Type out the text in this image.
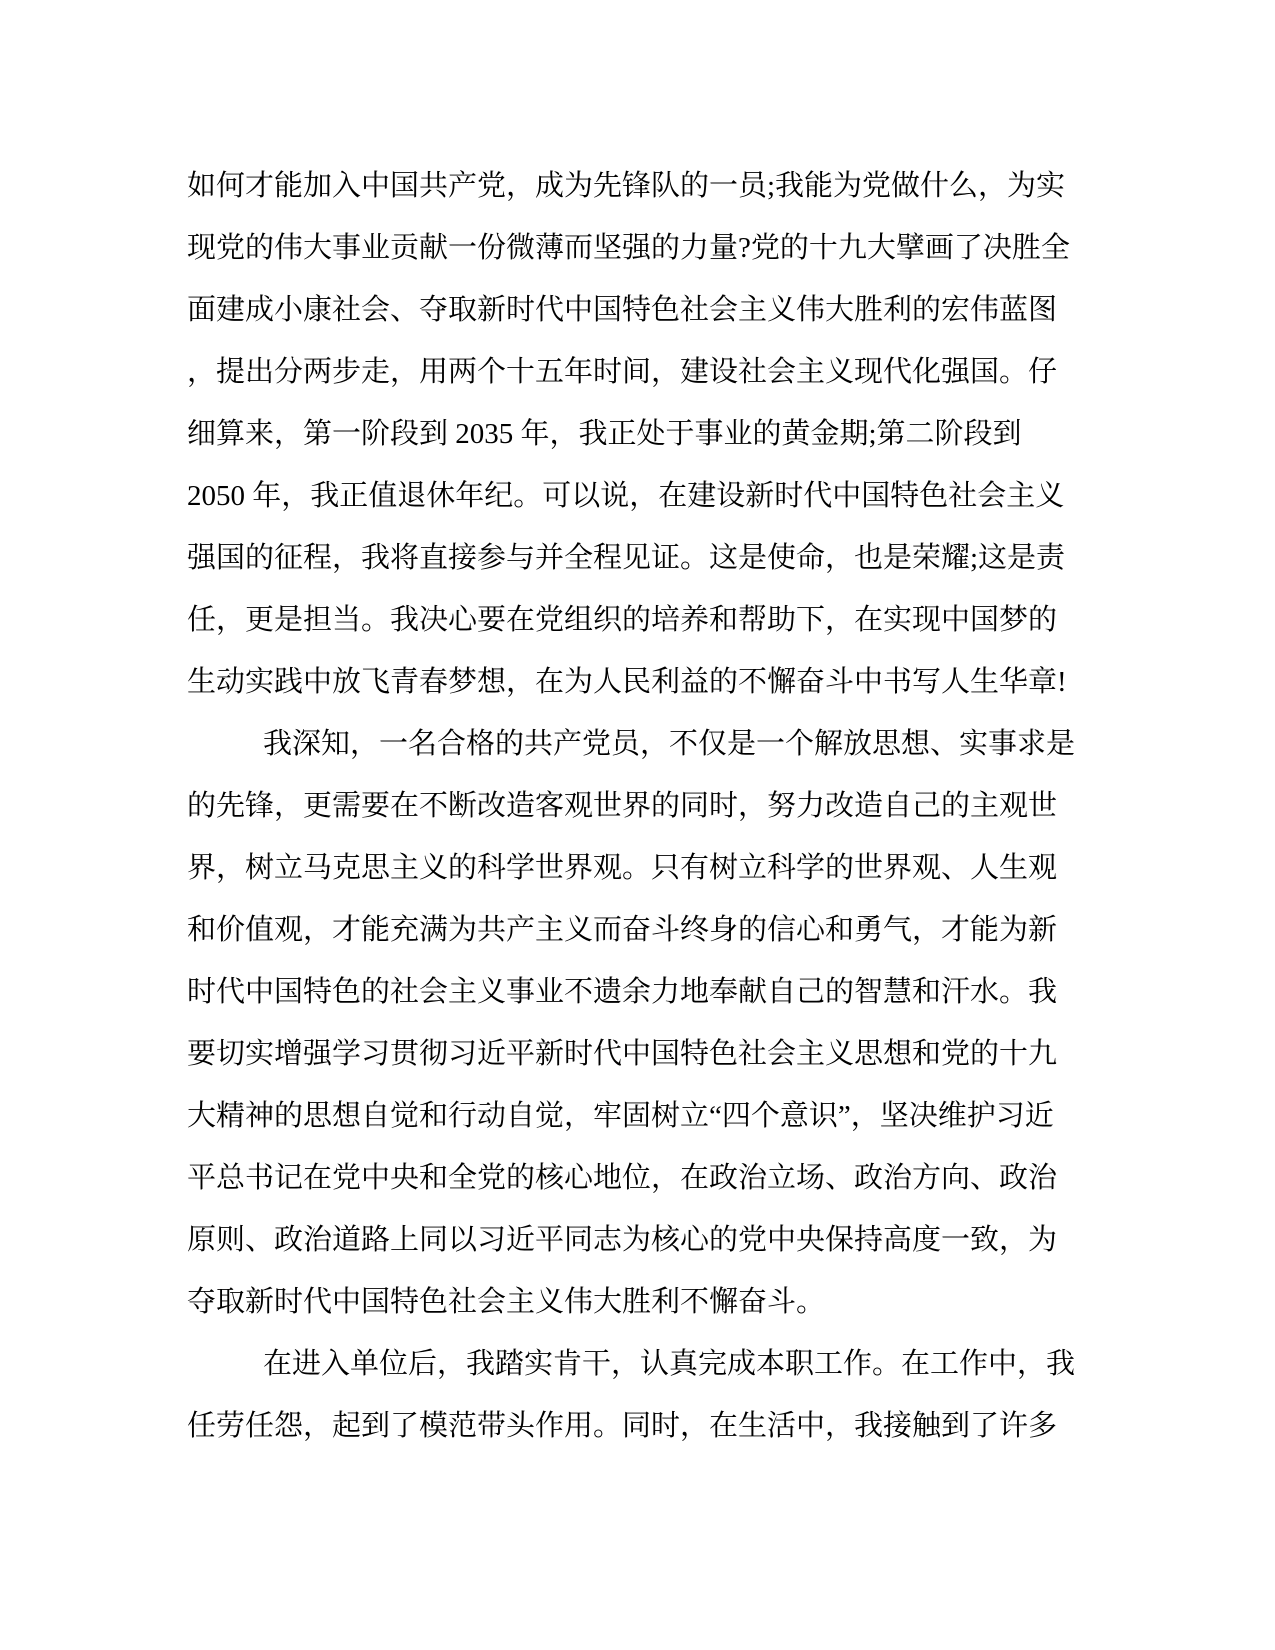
如何才能加入中国共产党，成为先锋队的一员;我能为党做什么，为实
现党的伟大事业贡献一份微薄而坚强的力量?党的十九大擘画了决胜全
面建成小康社会、夺取新时代中国特色社会主义伟大胜利的宏伟蓝图
，提出分两步走，用两个十五年时间，建设社会主义现代化强国。仔
细算来，第一阶段到 2035 年，我正处于事业的黄金期;第二阶段到
2050 年，我正值退休年纪。可以说，在建设新时代中国特色社会主义
强国的征程，我将直接参与并全程见证。这是使命，也是荣耀;这是责
任，更是担当。我决心要在党组织的培养和帮助下，在实现中国梦的
生动实践中放飞青春梦想，在为人民利益的不懈奋斗中书写人生华章!
我深知，一名合格的共产党员，不仅是一个解放思想、实事求是
的先锋，更需要在不断改造客观世界的同时，努力改造自己的主观世
界，树立马克思主义的科学世界观。只有树立科学的世界观、人生观
和价值观，才能充满为共产主义而奋斗终身的信心和勇气，才能为新
时代中国特色的社会主义事业不遗余力地奉献自己的智慧和汗水。我
要切实增强学习贯彻习近平新时代中国特色社会主义思想和党的十九
大精神的思想自觉和行动自觉，牢固树立“四个意识”，坚决维护习近
平总书记在党中央和全党的核心地位，在政治立场、政治方向、政治
原则、政治道路上同以习近平同志为核心的党中央保持高度一致，为
夺取新时代中国特色社会主义伟大胜利不懈奋斗。
在进入单位后，我踏实肯干，认真完成本职工作。在工作中，我
任劳任怨，起到了模范带头作用。同时，在生活中，我接触到了许多
